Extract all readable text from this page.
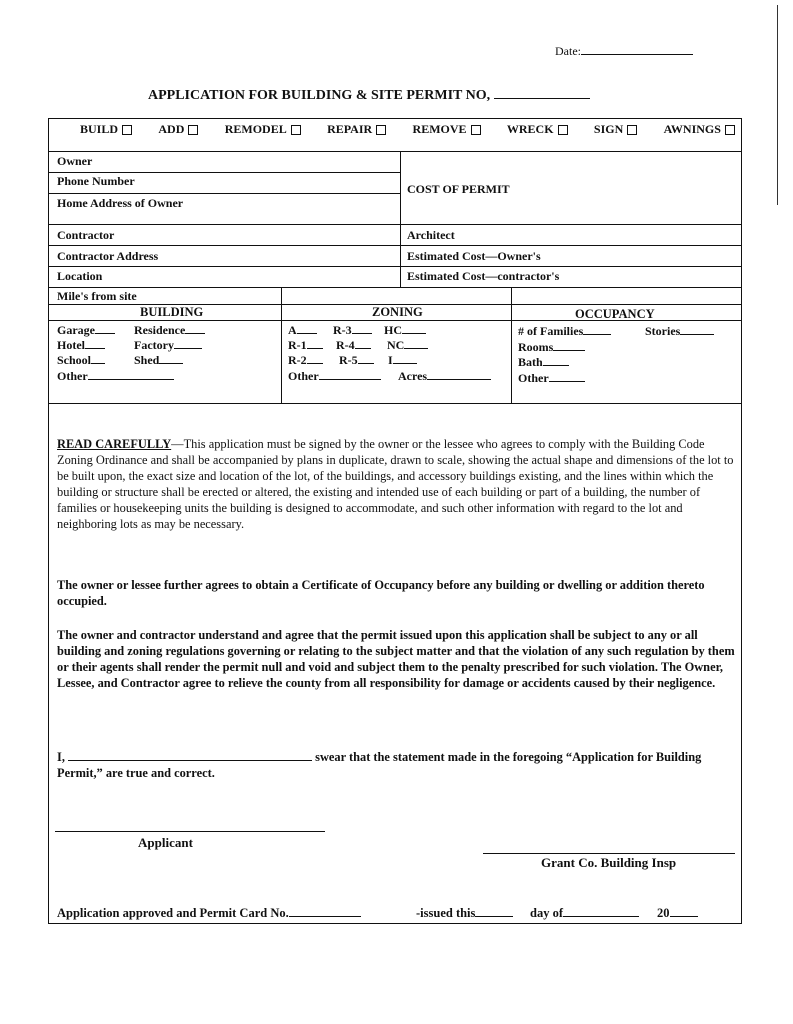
Date:
APPLICATION FOR BUILDING & SITE PERMIT NO,
BUILD	ADD	REMODEL	REPAIR	REMOVE	WRECK	SIGN	AWNINGS
Owner
Phone Number
Home Address of Owner
COST OF PERMIT
Contractor	Architect
Contractor Address	Estimated Cost—Owner's
Location	Estimated Cost—contractor's
Mile's from site
BUILDING	ZONING	OCCUPANCY
Garage	Residence
Hotel	Factory
School	Shed
Other
A	R-3	HC
R-1	R-4	NC
R-2	R-5	I
Other	Acres
# of Families	Stories
Rooms
Bath
Other
READ CAREFULLY—This application must be signed by the owner or the lessee who agrees to comply with the Building Code Zoning Ordinance and shall be accompanied by plans in duplicate, drawn to scale, showing the actual shape and dimensions of the lot to be built upon, the exact size and location of the lot, of the buildings, and accessory buildings existing, and the lines within which the building or structure shall be erected or altered, the existing and intended use of each building or part of a building, the number of families or housekeeping units the building is designed to accommodate, and such other information with regard to the lot and neighboring lots as may be necessary.
The owner or lessee further agrees to obtain a Certificate of Occupancy before any building or dwelling or addition thereto occupied.
The owner and contractor understand and agree that the permit issued upon this application shall be subject to any or all building and zoning regulations governing or relating to the subject matter and that the violation of any such regulation by them or their agents shall render the permit null and void and subject them to the penalty prescribed for such violation. The Owner, Lessee, and Contractor agree to relieve the county from all responsibility for damage or accidents caused by their negligence.
I,	swear that the statement made in the foregoing “Application for Building Permit,” are true and correct.
Applicant
Grant Co. Building Insp
Application approved and Permit Card No.	-issued this	day of	20
